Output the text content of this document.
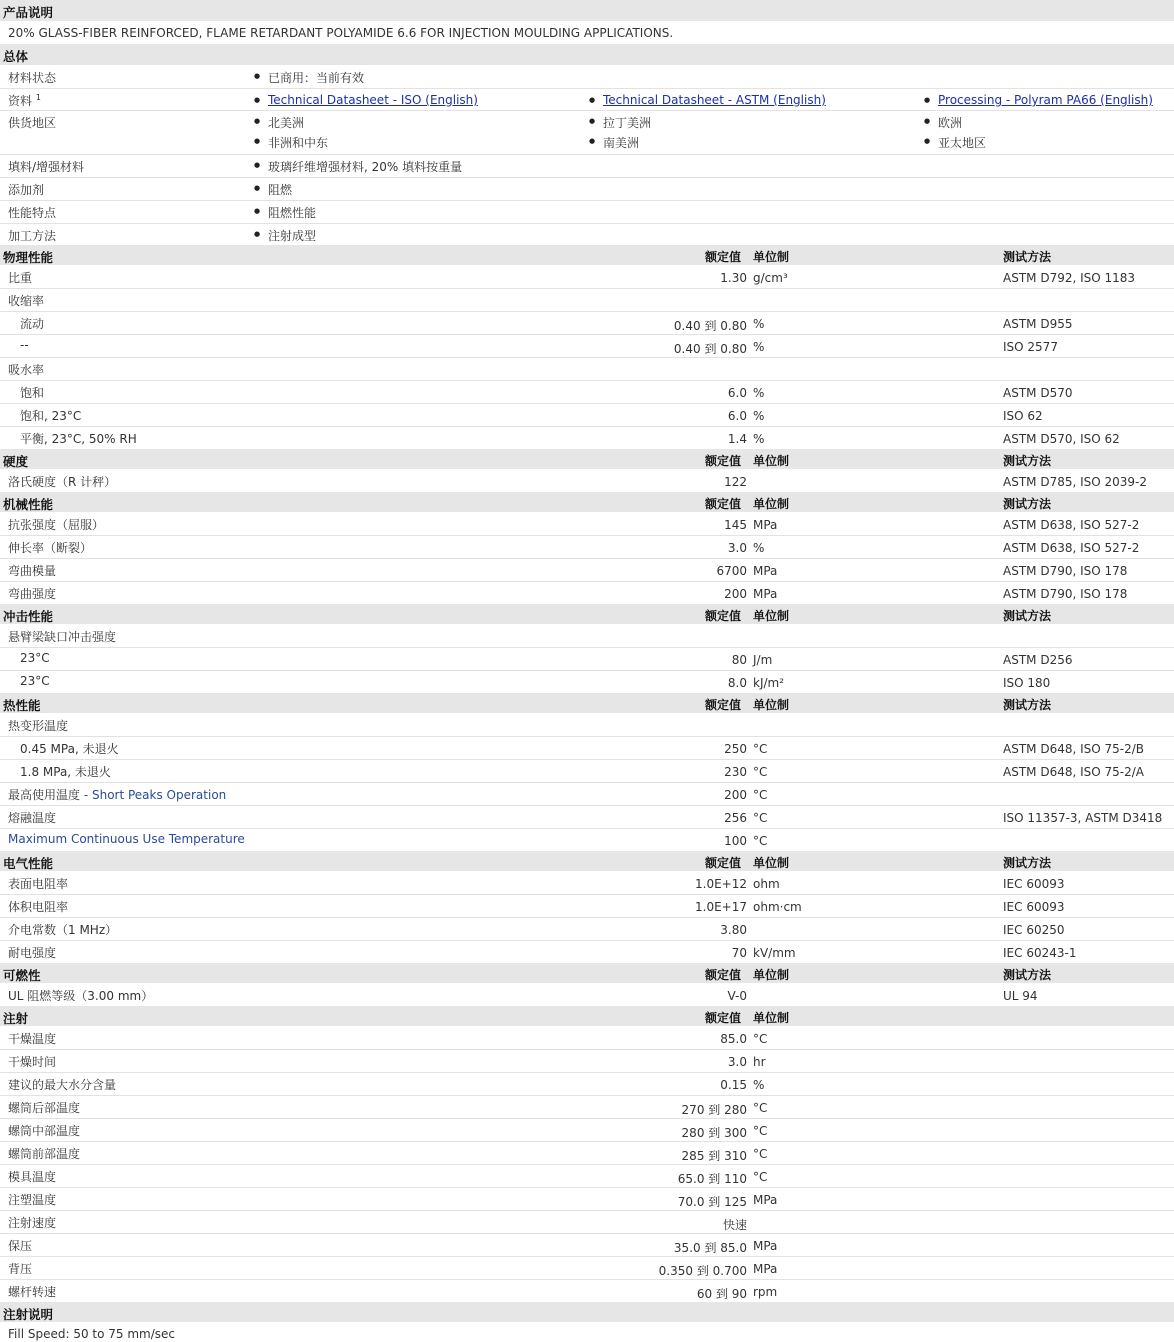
产品说明
20% GLASS-FIBER REINFORCED, FLAME RETARDANT POLYAMIDE 6.6 FOR INJECTION MOULDING APPLICATIONS.
总体
材料状态	● 已商用：当前有效
资料 $^1$	● Technical Datasheet - ISO (English)	● Technical Datasheet - ASTM (English)	● Processing - Polyram PA66 (English)
供货地区	● 北美洲	● 拉丁美洲	● 欧洲
● 非洲和中东	● 南美洲	● 亚太地区
填料/增强材料	● 玻璃纤维增强材料, 20% 填料按重量
添加剂	● 阻燃
性能特点	● 阻燃性能
加工方法	● 注射成型
物理性能	额定值 单位制	测试方法
比重	1.30 g/cm³	ASTM D792, ISO 1183
收缩率
流动	0.40 到 0.80 %	ASTM D955
--	0.40 到 0.80 %	ISO 2577
吸水率
饱和	6.0 %	ASTM D570
饱和, 23°C	6.0 %	ISO 62
平衡, 23°C, 50% RH	1.4 %	ASTM D570, ISO 62
硬度	额定值 单位制	测试方法
洛氏硬度（R 计秤）	122	ASTM D785, ISO 2039-2
机械性能	额定值 单位制	测试方法
抗张强度（屈服）	145 MPa	ASTM D638, ISO 527-2
伸长率（断裂）	3.0 %	ASTM D638, ISO 527-2
弯曲模量	6700 MPa	ASTM D790, ISO 178
弯曲强度	200 MPa	ASTM D790, ISO 178
冲击性能	额定值 单位制	测试方法
悬臂梁缺口冲击强度
23°C	80 J/m	ASTM D256
23°C	8.0 kJ/m²	ISO 180
热性能	额定值 单位制	测试方法
热变形温度
0.45 MPa, 未退火	250 °C	ASTM D648, ISO 75-2/B
1.8 MPa, 未退火	230 °C	ASTM D648, ISO 75-2/A
最高使用温度 - Short Peaks Operation	200 °C
熔融温度	256 °C	ISO 11357-3, ASTM D3418
Maximum Continuous Use Temperature	100 °C
电气性能	额定值 单位制	测试方法
表面电阻率	1.0E+12 ohm	IEC 60093
体积电阻率	1.0E+17 ohm·cm	IEC 60093
介电常数（1 MHz）	3.80	IEC 60250
耐电强度	70 kV/mm	IEC 60243-1
可燃性	额定值 单位制	测试方法
UL 阻燃等级（3.00 mm）	V-0	UL 94
注射	额定值 单位制
干燥温度	85.0 °C
干燥时间	3.0 hr
建议的最大水分含量	0.15 %
螺筒后部温度	270 到 280 °C
螺筒中部温度	280 到 300 °C
螺筒前部温度	285 到 310 °C
模具温度	65.0 到 110 °C
注塑温度	70.0 到 125 MPa
注射速度	快速
保压	35.0 到 85.0 MPa
背压	0.350 到 0.700 MPa
螺杆转速	60 到 90 rpm
注射说明
Fill Speed: 50 to 75 mm/sec
